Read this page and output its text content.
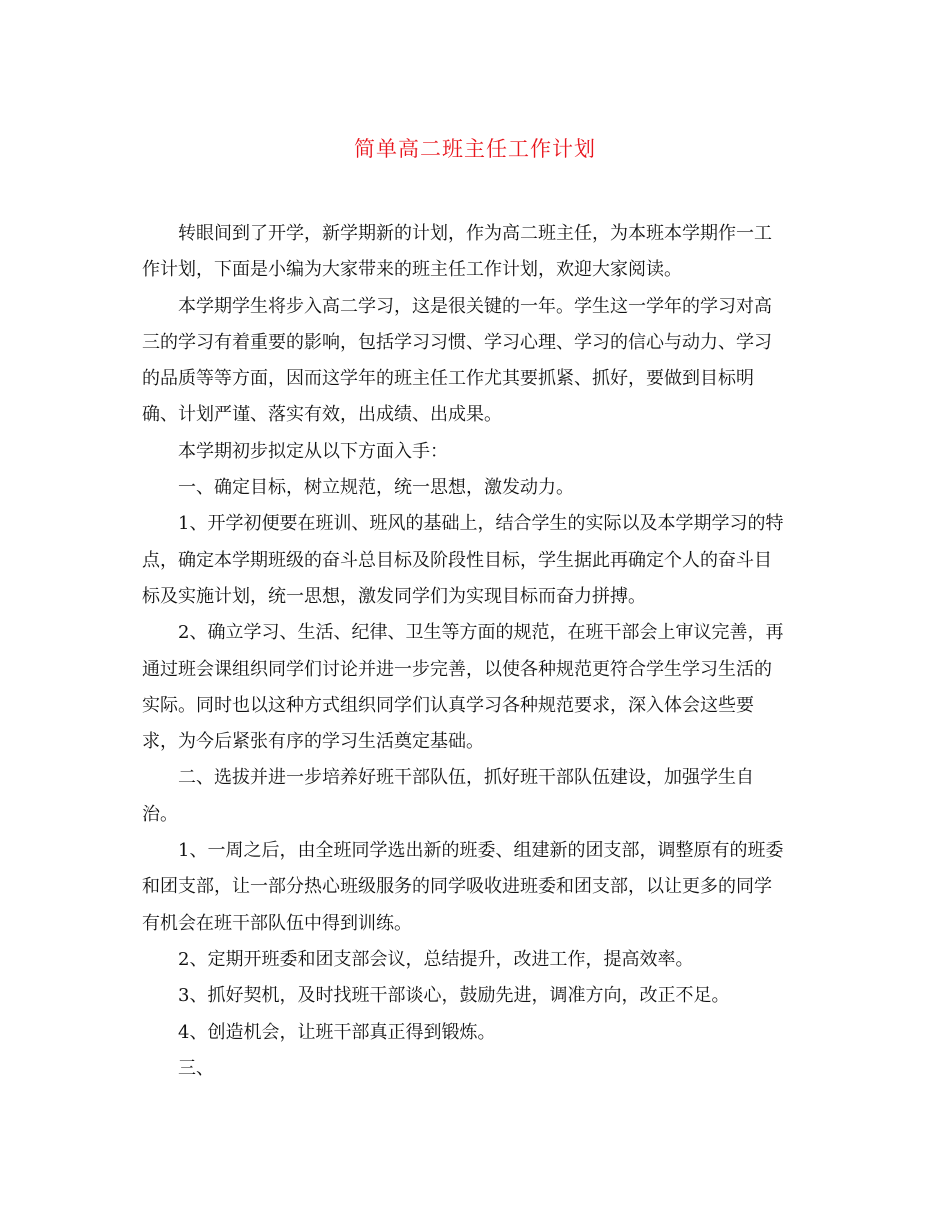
简单高二班主任工作计划

转眼间到了开学，新学期新的计划，作为高二班主任，为本班本学期作一工
作计划，下面是小编为大家带来的班主任工作计划，欢迎大家阅读。

本学期学生将步入高二学习，这是很关键的一年。学生这一学年的学习对高
三的学习有着重要的影响，包括学习习惯、学习心理、学习的信心与动力、学习
的品质等等方面，因而这学年的班主任工作尤其要抓紧、抓好，要做到目标明
确、计划严谨、落实有效，出成绩、出成果。

本学期初步拟定从以下方面入手：

一、确定目标，树立规范，统一思想，激发动力。

1、开学初便要在班训、班风的基础上，结合学生的实际以及本学期学习的特
点，确定本学期班级的奋斗总目标及阶段性目标，学生据此再确定个人的奋斗目
标及实施计划，统一思想，激发同学们为实现目标而奋力拼搏。

2、确立学习、生活、纪律、卫生等方面的规范，在班干部会上审议完善，再
通过班会课组织同学们讨论并进一步完善，以使各种规范更符合学生学习生活的
实际。同时也以这种方式组织同学们认真学习各种规范要求，深入体会这些要
求，为今后紧张有序的学习生活奠定基础。

二、选拔并进一步培养好班干部队伍，抓好班干部队伍建设，加强学生自
治。

1、一周之后，由全班同学选出新的班委、组建新的团支部，调整原有的班委
和团支部，让一部分热心班级服务的同学吸收进班委和团支部，以让更多的同学
有机会在班干部队伍中得到训练。

2、定期开班委和团支部会议，总结提升，改进工作，提高效率。

3、抓好契机，及时找班干部谈心，鼓励先进，调准方向，改正不足。

4、创造机会，让班干部真正得到锻炼。

三、
